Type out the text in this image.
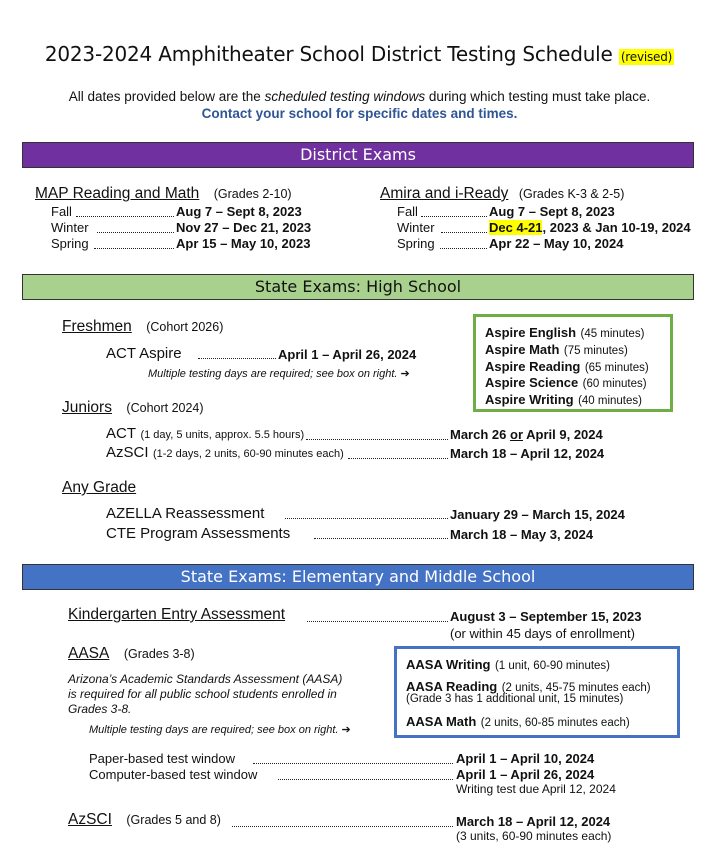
2023-2024 Amphitheater School District Testing Schedule (revised)
All dates provided below are the scheduled testing windows during which testing must take place.
Contact your school for specific dates and times.
District Exams
MAP Reading and Math (Grades 2-10)
Fall	Aug 7 – Sept 8, 2023
Winter	Nov 27 – Dec 21, 2023
Spring	Apr 15 – May 10, 2023
Amira and i-Ready (Grades K-3 & 2-5)
Fall	Aug 7 – Sept 8, 2023
Winter	Dec 4-21, 2023 & Jan 10-19, 2024
Spring	Apr 22 – May 10, 2024
State Exams: High School
Freshmen (Cohort 2026)
ACT Aspire	April 1 – April 26, 2024
Multiple testing days are required; see box on right. ➔
Juniors (Cohort 2024)
ACT (1 day, 5 units, approx. 5.5 hours)	March 26 or April 9, 2024
AzSCI (1-2 days, 2 units, 60-90 minutes each)	March 18 – April 12, 2024
Any Grade
AZELLA Reassessment	January 29 – March 15, 2024
CTE Program Assessments	March 18 – May 3, 2024
Aspire English (45 minutes)
Aspire Math (75 minutes)
Aspire Reading (65 minutes)
Aspire Science (60 minutes)
Aspire Writing (40 minutes)
State Exams: Elementary and Middle School
Kindergarten Entry Assessment	August 3 – September 15, 2023
(or within 45 days of enrollment)
AASA (Grades 3-8)
Arizona’s Academic Standards Assessment (AASA)
is required for all public school students enrolled in
Grades 3-8.
Multiple testing days are required; see box on right. ➔
Paper-based test window	April 1 – April 10, 2024
Computer-based test window	April 1 – April 26, 2024
Writing test due April 12, 2024
AASA Writing (1 unit, 60-90 minutes)
AASA Reading (2 units, 45-75 minutes each)
(Grade 3 has 1 additional unit, 15 minutes)
AASA Math (2 units, 60-85 minutes each)
AzSCI (Grades 5 and 8)	March 18 – April 12, 2024
(3 units, 60-90 minutes each)
